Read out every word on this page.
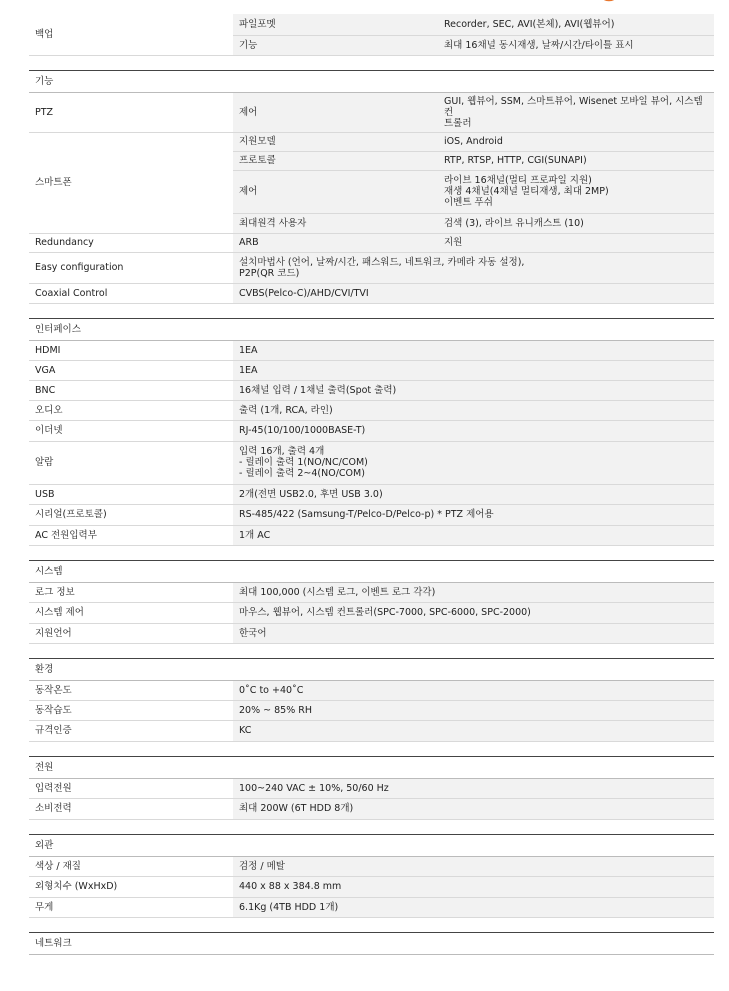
백업	파일포멧	Recorder, SEC, AVI(본체), AVI(웹뷰어)
	기능	최대 16채널 동시재생, 날짜/시간/타이틀 표시

기능		
PTZ	제어	GUI, 웹뷰어, SSM, 스마트뷰어, Wisenet 모바일 뷰어, 시스템 컨
트롤러
스마트폰	지원모델	iOS, Android
	프로토콜	RTP, RTSP, HTTP, CGI(SUNAPI)
	제어	라이브 16채널(멀티 프로파일 지원)
재생 4채널(4채널 멀티재생, 최대 2MP)
이벤트 푸쉬
	최대원격 사용자	검색 (3), 라이브 유니캐스트 (10)
Redundancy	ARB	지원
Easy configuration	설치마법사 (언어, 날짜/시간, 패스워드, 네트워크, 카메라 자동 설정),
P2P(QR 코드)	
Coaxial Control	CVBS(Pelco-C)/AHD/CVI/TVI	

인터페이스		
HDMI	1EA	
VGA	1EA	
BNC	16채널 입력 / 1채널 출력(Spot 출력)	
오디오	출력 (1개, RCA, 라인)	
이더넷	RJ-45(10/100/1000BASE-T)	
알람	입력 16개, 출력 4개
- 릴레이 출력 1(NO/NC/COM)
- 릴레이 출력 2~4(NO/COM)	
USB	2개(전면 USB2.0, 후면 USB 3.0)	
시리얼(프로토콜)	RS-485/422 (Samsung-T/Pelco-D/Pelco-p) * PTZ 제어용	
AC 전원입력부	1개 AC	

시스템		
로그 정보	최대 100,000 (시스템 로그, 이벤트 로그 각각)	
시스템 제어	마우스, 웹뷰어, 시스템 컨트롤러(SPC-7000, SPC-6000, SPC-2000)	
지원언어	한국어	

환경		
동작온도	0˚C to +40˚C	
동작습도	20% ~ 85% RH	
규격인증	KC	

전원		
입력전원	100~240 VAC ± 10%, 50/60 Hz	
소비전력	최대 200W (6T HDD 8개)	

외관		
색상 / 재질	검정 / 메탈	
외형치수 (WxHxD)	440 x 88 x 384.8 mm	
무게	6.1Kg (4TB HDD 1개)	

네트워크		
